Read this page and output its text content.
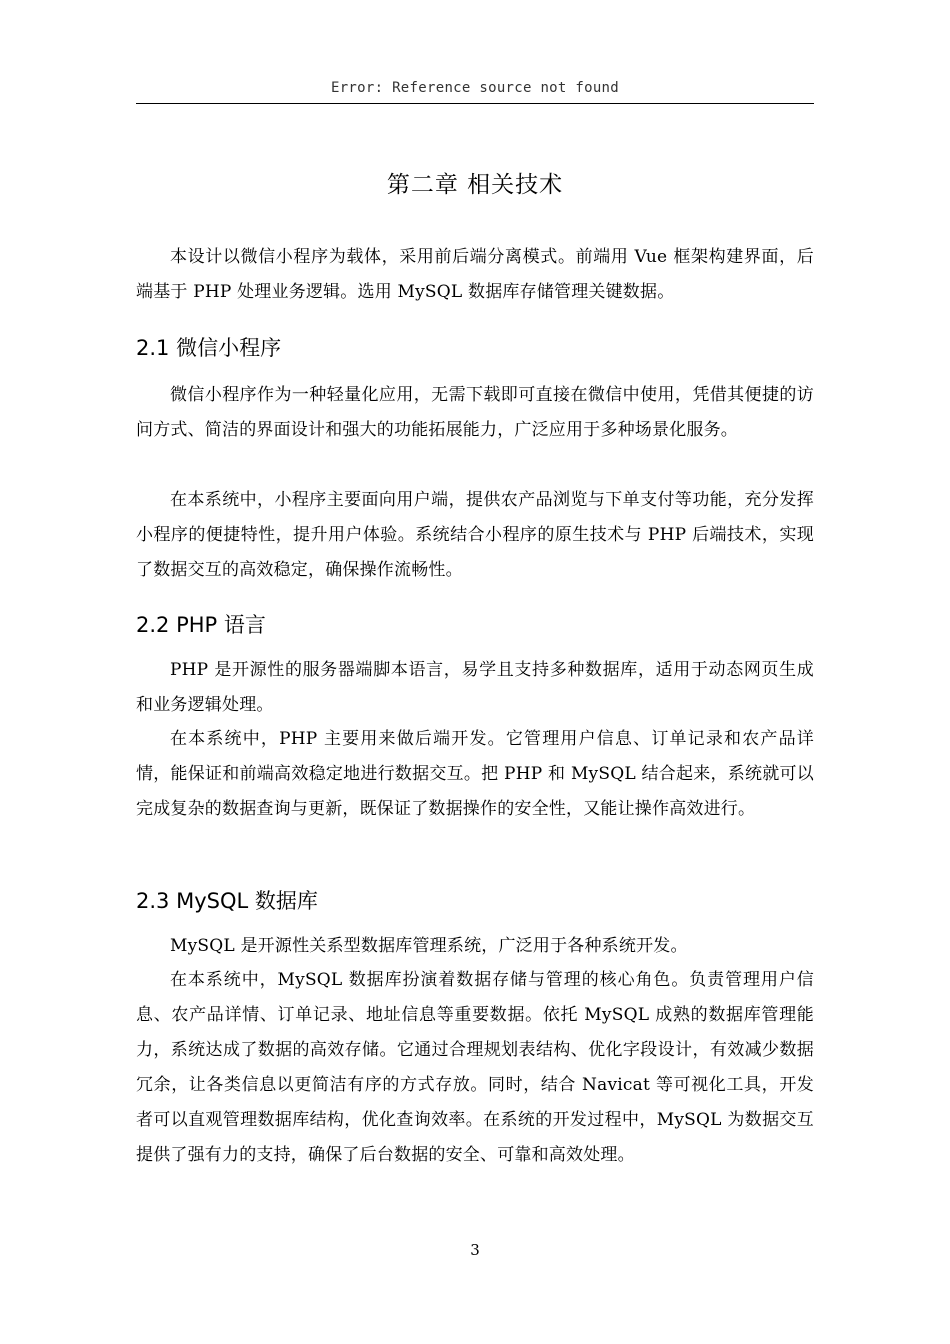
Error: Reference source not found
第二章 相关技术

本设计以微信小程序为载体，采用前后端分离模式。前端用 Vue 框架构建界面，后端基于 PHP 处理业务逻辑。选用 MySQL 数据库存储管理关键数据。

2.1 微信小程序

微信小程序作为一种轻量化应用，无需下载即可直接在微信中使用，凭借其便捷的访问方式、简洁的界面设计和强大的功能拓展能力，广泛应用于多种场景化服务。

在本系统中，小程序主要面向用户端，提供农产品浏览与下单支付等功能，充分发挥小程序的便捷特性，提升用户体验。系统结合小程序的原生技术与 PHP 后端技术，实现了数据交互的高效稳定，确保操作流畅性。

2.2 PHP 语言

PHP 是开源性的服务器端脚本语言，易学且支持多种数据库，适用于动态网页生成和业务逻辑处理。

在本系统中，PHP 主要用来做后端开发。它管理用户信息、订单记录和农产品详情，能保证和前端高效稳定地进行数据交互。把 PHP 和 MySQL 结合起来，系统就可以完成复杂的数据查询与更新，既保证了数据操作的安全性，又能让操作高效进行。

2.3 MySQL 数据库

MySQL 是开源性关系型数据库管理系统，广泛用于各种系统开发。

在本系统中，MySQL 数据库扮演着数据存储与管理的核心角色。负责管理用户信息、农产品详情、订单记录、地址信息等重要数据。依托 MySQL 成熟的数据库管理能力，系统达成了数据的高效存储。它通过合理规划表结构、优化字段设计，有效减少数据冗余，让各类信息以更简洁有序的方式存放。同时，结合 Navicat 等可视化工具，开发者可以直观管理数据库结构，优化查询效率。在系统的开发过程中，MySQL 为数据交互提供了强有力的支持，确保了后台数据的安全、可靠和高效处理。

3
